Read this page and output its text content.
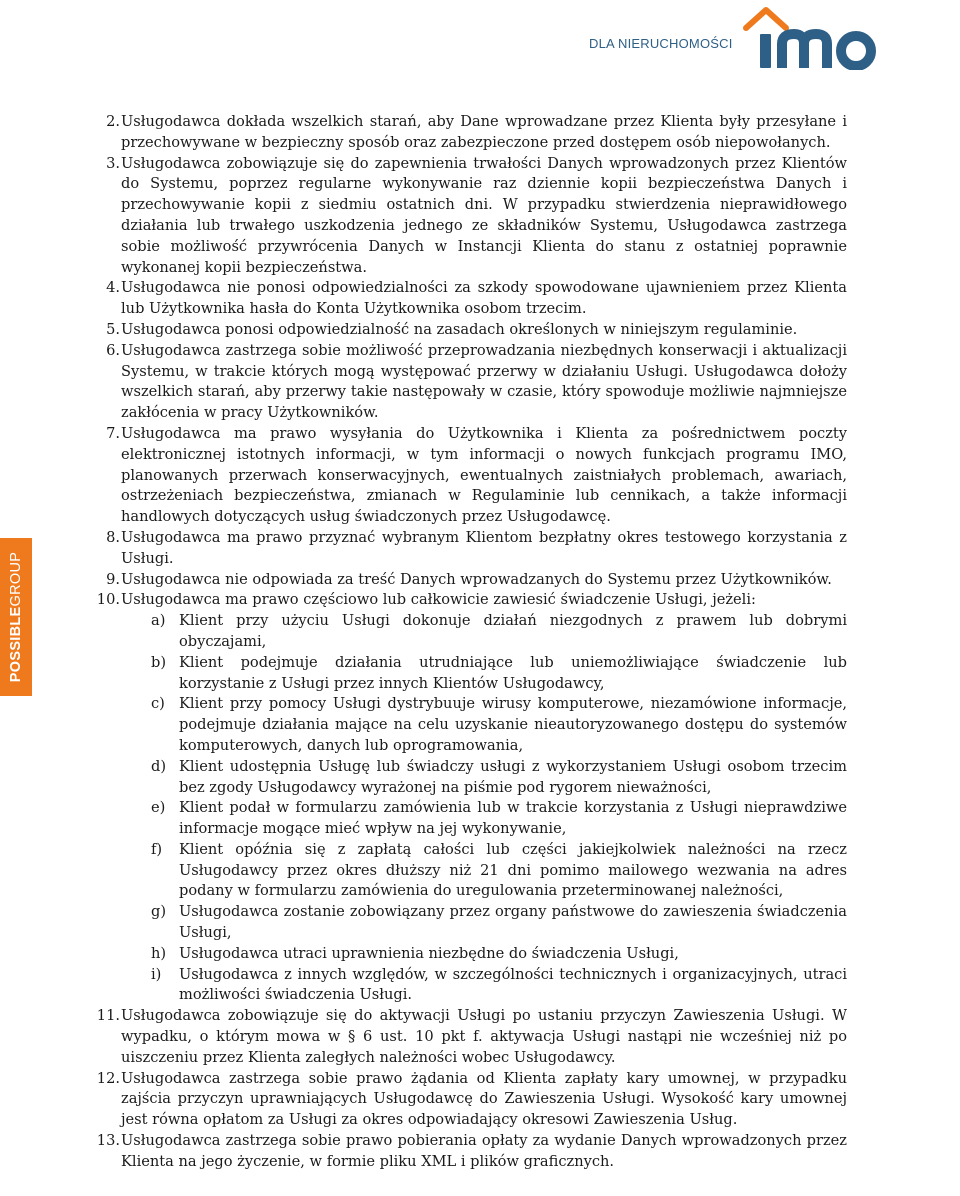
DLA NIERUCHOMOŚCI
POSSIBLEGROUP
2. Usługodawca dokłada wszelkich starań, aby Dane wprowadzane przez Klienta były przesyłane i przechowywane w bezpieczny sposób oraz zabezpieczone przed dostępem osób niepowołanych.
3. Usługodawca zobowiązuje się do zapewnienia trwałości Danych wprowadzonych przez Klientów do Systemu, poprzez regularne wykonywanie raz dziennie kopii bezpieczeństwa Danych i przechowywanie kopii z siedmiu ostatnich dni. W przypadku stwierdzenia nieprawidłowego działania lub trwałego uszkodzenia jednego ze składników Systemu, Usługodawca zastrzega sobie możliwość przywrócenia Danych w Instancji Klienta do stanu z ostatniej poprawnie wykonanej kopii bezpieczeństwa.
4. Usługodawca nie ponosi odpowiedzialności za szkody spowodowane ujawnieniem przez Klienta lub Użytkownika hasła do Konta Użytkownika osobom trzecim.
5. Usługodawca ponosi odpowiedzialność na zasadach określonych w niniejszym regulaminie.
6. Usługodawca zastrzega sobie możliwość przeprowadzania niezbędnych konserwacji i aktualizacji Systemu, w trakcie których mogą występować przerwy w działaniu Usługi. Usługodawca dołoży wszelkich starań, aby przerwy takie następowały w czasie, który spowoduje możliwie najmniejsze zakłócenia w pracy Użytkowników.
7. Usługodawca ma prawo wysyłania do Użytkownika i Klienta za pośrednictwem poczty elektronicznej istotnych informacji, w tym informacji o nowych funkcjach programu IMO, planowanych przerwach konserwacyjnych, ewentualnych zaistniałych problemach, awariach, ostrzeżeniach bezpieczeństwa, zmianach w Regulaminie lub cennikach, a także informacji handlowych dotyczących usług świadczonych przez Usługodawcę.
8. Usługodawca ma prawo przyznać wybranym Klientom bezpłatny okres testowego korzystania z Usługi.
9. Usługodawca nie odpowiada za treść Danych wprowadzanych do Systemu przez Użytkowników.
10. Usługodawca ma prawo częściowo lub całkowicie zawiesić świadczenie Usługi, jeżeli:
a) Klient przy użyciu Usługi dokonuje działań niezgodnych z prawem lub dobrymi obyczajami,
b) Klient podejmuje działania utrudniające lub uniemożliwiające świadczenie lub korzystanie z Usługi przez innych Klientów Usługodawcy,
c) Klient przy pomocy Usługi dystrybuuje wirusy komputerowe, niezamówione informacje, podejmuje działania mające na celu uzyskanie nieautoryzowanego dostępu do systemów komputerowych, danych lub oprogramowania,
d) Klient udostępnia Usługę lub świadczy usługi z wykorzystaniem Usługi osobom trzecim bez zgody Usługodawcy wyrażonej na piśmie pod rygorem nieważności,
e) Klient podał w formularzu zamówienia lub w trakcie korzystania z Usługi nieprawdziwe informacje mogące mieć wpływ na jej wykonywanie,
f)	Klient opóźnia się z zapłatą całości lub części jakiejkolwiek należności na rzecz Usługodawcy przez okres dłuższy niż 21 dni pomimo mailowego wezwania na adres podany w formularzu zamówienia do uregulowania przeterminowanej należności,
g) Usługodawca zostanie zobowiązany przez organy państwowe do zawieszenia świadczenia Usługi,
h) Usługodawca utraci uprawnienia niezbędne do świadczenia Usługi,
i)	Usługodawca z innych względów, w szczególności technicznych i organizacyjnych, utraci możliwości świadczenia Usługi.
11. Usługodawca zobowiązuje się do aktywacji Usługi po ustaniu przyczyn Zawieszenia Usługi. W wypadku, o którym mowa w § 6 ust. 10 pkt f. aktywacja Usługi nastąpi nie wcześniej niż po uiszczeniu przez Klienta zaległych należności wobec Usługodawcy.
12. Usługodawca zastrzega sobie prawo żądania od Klienta zapłaty kary umownej, w przypadku zajścia przyczyn uprawniających Usługodawcę do Zawieszenia Usługi. Wysokość kary umownej jest równa opłatom za Usługi za okres odpowiadający okresowi Zawieszenia Usług.
13. Usługodawca zastrzega sobie prawo pobierania opłaty za wydanie Danych wprowadzonych przez Klienta na jego życzenie, w formie pliku XML i plików graficznych.
